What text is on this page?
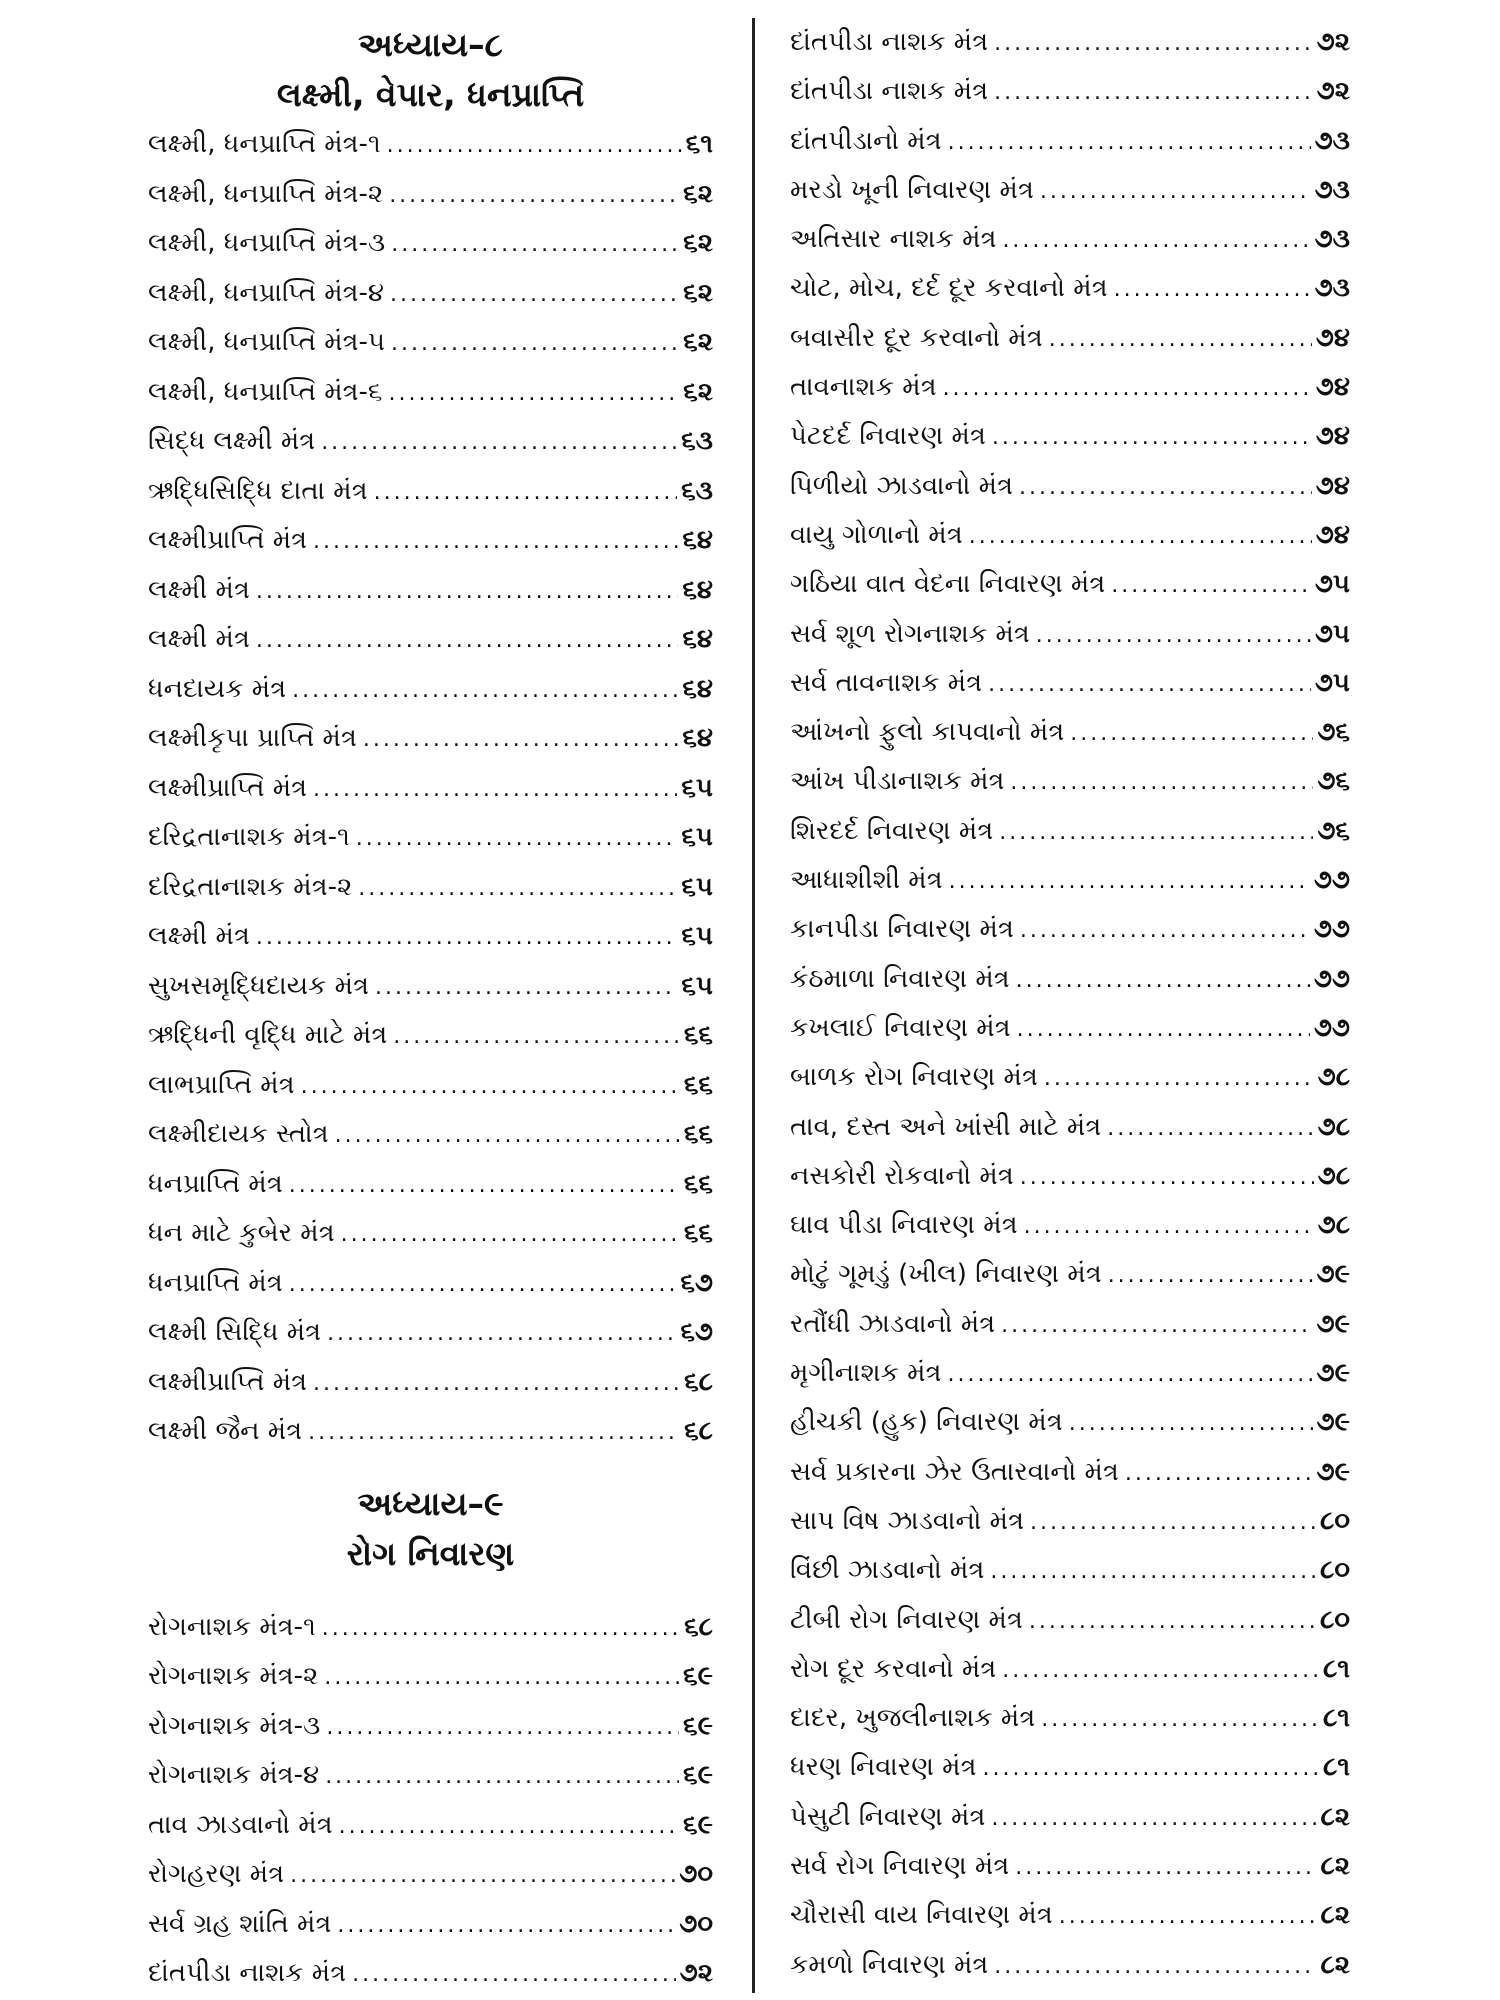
અધ્યાય–૮
લક્ષ્મી, વેપાર, ધનપ્રાપ્તિ
લક્ષ્મી, ધનપ્રાપ્તિ મંત્ર-૧ .....	૬૧
લક્ષ્મી, ધનપ્રાપ્તિ મંત્ર-૨ .....	૬૨
લક્ષ્મી, ધનપ્રાપ્તિ મંત્ર-૩ .....	૬૨
લક્ષ્મી, ધનપ્રાપ્તિ મંત્ર-૪ .....	૬૨
લક્ષ્મી, ધનપ્રાપ્તિ મંત્ર-૫ .....	૬૨
લક્ષ્મી, ધનપ્રાપ્તિ મંત્ર-૬ .....	૬૨
સિદ્ધ લક્ષ્મી મંત્ર .....	૬૩
ઋદ્ધિસિદ્ધિ દાતા મંત્ર .....	૬૩
લક્ષ્મીપ્રાપ્તિ મંત્ર .....	૬૪
લક્ષ્મી મંત્ર .....	૬૪
લક્ષ્મી મંત્ર .....	૬૪
ધનદાયક મંત્ર .....	૬૪
લક્ષ્મીકૃપા પ્રાપ્તિ મંત્ર .....	૬૪
લક્ષ્મીપ્રાપ્તિ મંત્ર .....	૬૫
દરિદ્રતાનાશક મંત્ર-૧ .....	૬૫
દરિદ્રતાનાશક મંત્ર-૨ .....	૬૫
લક્ષ્મી મંત્ર .....	૬૫
સુખસમૃદ્ધિદાયક મંત્ર .....	૬૫
ઋદ્ધિની વૃદ્ધિ માટે મંત્ર .....	૬૬
લાભપ્રાપ્તિ મંત્ર .....	૬૬
લક્ષ્મીદાયક સ્તોત્ર .....	૬૬
ધનપ્રાપ્તિ મંત્ર .....	૬૬
ધન માટે કુબેર મંત્ર .....	૬૬
ધનપ્રાપ્તિ મંત્ર .....	૬૭
લક્ષ્મી સિદ્ધિ મંત્ર .....	૬૭
લક્ષ્મીપ્રાપ્તિ મંત્ર .....	૬૮
લક્ષ્મી જૈન મંત્ર .....	૬૮
અધ્યાય–૯
રોગ નિવારણ
રોગનાશક મંત્ર-૧ .....	૬૮
રોગનાશક મંત્ર-૨ .....	૬૯
રોગનાશક મંત્ર-૩ .....	૬૯
રોગનાશક મંત્ર-૪ .....	૬૯
તાવ ઝાડવાનો મંત્ર .....	૬૯
રોગહરણ મંત્ર .....	૭૦
સર્વ ગ્રહ શાંતિ મંત્ર .....	૭૦
દાંતપીડા નાશક મંત્ર .....	૭૨
દાંતપીડા નાશક મંત્ર .....	૭૨
દાંતપીડા નાશક મંત્ર .....	૭૨
દાંતપીડાનો મંત્ર .....	૭૩
મરડો ખૂની નિવારણ મંત્ર .....	૭૩
અતિસાર નાશક મંત્ર .....	૭૩
ચોટ, મોચ, દર્દ દૂર કરવાનો મંત્ર .....	૭૩
બવાસીર દૂર કરવાનો મંત્ર .....	૭૪
તાવનાશક મંત્ર .....	૭૪
પેટદર્દ નિવારણ મંત્ર .....	૭૪
પિળીયો ઝાડવાનો મંત્ર .....	૭૪
વાયુ ગોળાનો મંત્ર .....	૭૪
ગઠિયા વાત વેદના નિવારણ મંત્ર .....	૭૫
સર્વ શૂળ રોગનાશક મંત્ર .....	૭૫
સર્વ તાવનાશક મંત્ર .....	૭૫
આંખનો ફુલો કાપવાનો મંત્ર .....	૭૬
આંખ પીડાનાશક મંત્ર .....	૭૬
શિરદર્દ નિવારણ મંત્ર .....	૭૬
આધાશીશી મંત્ર .....	૭૭
કાનપીડા નિવારણ મંત્ર .....	૭૭
કંઠમાળા નિવારણ મંત્ર .....	૭૭
કખલાઈ નિવારણ મંત્ર .....	૭૭
બાળક રોગ નિવારણ મંત્ર .....	૭૮
તાવ, દસ્ત અને ખાંસી માટે મંત્ર .....	૭૮
નસકોરી રોકવાનો મંત્ર .....	૭૮
ઘાવ પીડા નિવારણ મંત્ર .....	૭૮
મોટું ગૂમડું (ખીલ) નિવારણ મંત્ર .....	૭૯
રતૌંધી ઝાડવાનો મંત્ર .....	૭૯
મૃગીનાશક મંત્ર .....	૭૯
હીચકી (હુક) નિવારણ મંત્ર .....	૭૯
સર્વ પ્રકારના ઝેર ઉતારવાનો મંત્ર .....	૭૯
સાપ વિષ ઝાડવાનો મંત્ર .....	૮૦
વિંછી ઝાડવાનો મંત્ર .....	૮૦
ટીબી રોગ નિવારણ મંત્ર .....	૮૦
રોગ દૂર કરવાનો મંત્ર .....	૮૧
દાદર, ખુજલીનાશક મંત્ર .....	૮૧
ધરણ નિવારણ મંત્ર .....	૮૧
પેસુટી નિવારણ મંત્ર .....	૮૨
સર્વ રોગ નિવારણ મંત્ર .....	૮૨
ચૌરાસી વાય નિવારણ મંત્ર .....	૮૨
કમળો નિવારણ મંત્ર .....	૮૨
